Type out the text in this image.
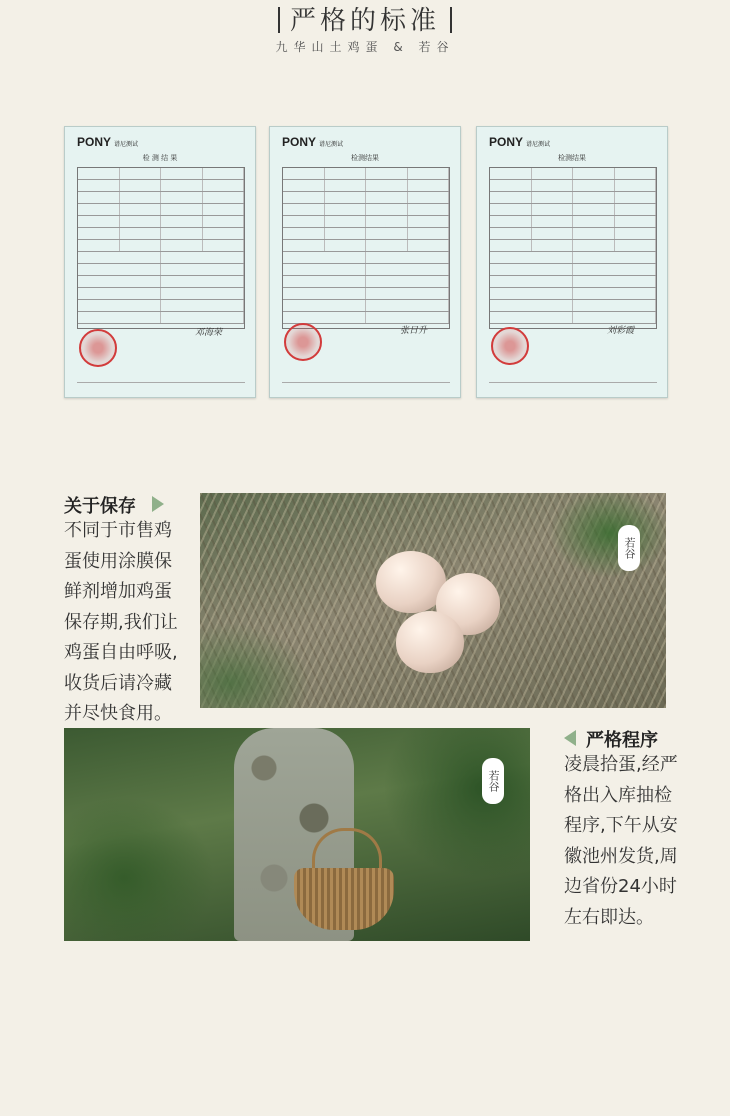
严格的标准
九华山土鸡蛋 & 若谷
PONY 谱尼测试
检 测 结 果
邓海荣
PONY 谱尼测试
检测结果
张日升
PONY 谱尼测试
检测结果
刘彩霞
关于保存
不同于市售鸡
蛋使用涂膜保
鲜剂增加鸡蛋
保存期,我们让
鸡蛋自由呼吸,
收货后请冷藏
并尽快食用。
若谷
若谷
严格程序
凌晨拾蛋,经严
格出入库抽检
程序,下午从安
徽池州发货,周
边省份24小时
左右即达。
